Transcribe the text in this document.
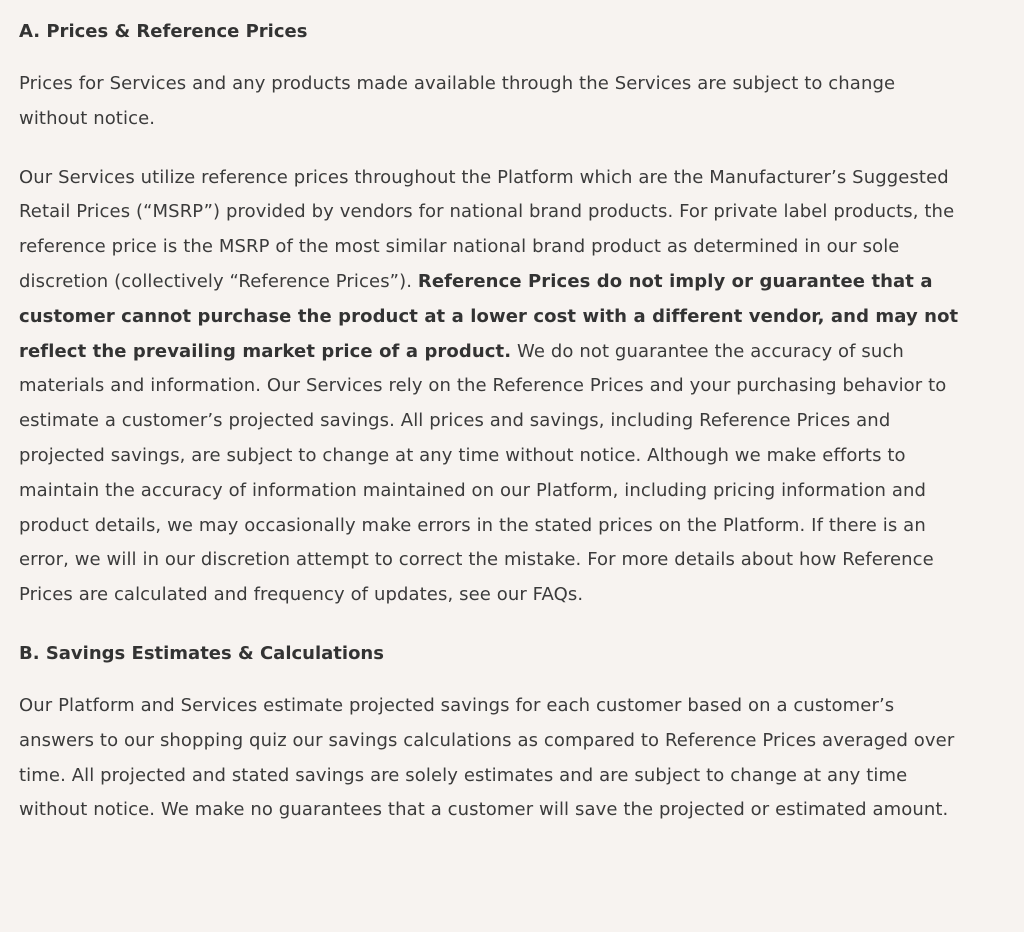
A. Prices & Reference Prices

Prices for Services and any products made available through the Services are subject to change without notice.

Our Services utilize reference prices throughout the Platform which are the Manufacturer’s Suggested Retail Prices (“MSRP”) provided by vendors for national brand products. For private label products, the reference price is the MSRP of the most similar national brand product as determined in our sole discretion (collectively “Reference Prices”). Reference Prices do not imply or guarantee that a customer cannot purchase the product at a lower cost with a different vendor, and may not reflect the prevailing market price of a product. We do not guarantee the accuracy of such materials and information. Our Services rely on the Reference Prices and your purchasing behavior to estimate a customer’s projected savings. All prices and savings, including Reference Prices and projected savings, are subject to change at any time without notice. Although we make efforts to maintain the accuracy of information maintained on our Platform, including pricing information and product details, we may occasionally make errors in the stated prices on the Platform. If there is an error, we will in our discretion attempt to correct the mistake. For more details about how Reference Prices are calculated and frequency of updates, see our FAQs.

B. Savings Estimates & Calculations

Our Platform and Services estimate projected savings for each customer based on a customer’s answers to our shopping quiz our savings calculations as compared to Reference Prices averaged over time. All projected and stated savings are solely estimates and are subject to change at any time without notice. We make no guarantees that a customer will save the projected or estimated amount.
